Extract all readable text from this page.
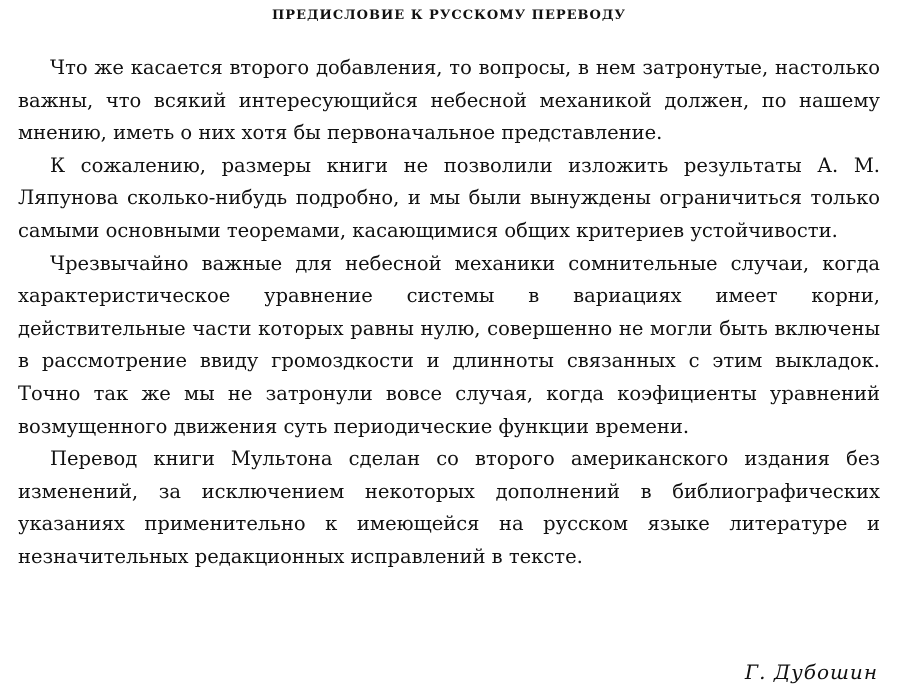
ПРЕДИСЛОВИЕ К РУССКОМУ ПЕРЕВОДУ

Что же касается второго добавления, то вопросы, в нем затронутые, настолько важны, что всякий интересующийся небесной механикой должен, по нашему мнению, иметь о них хотя бы первоначальное представление.

К сожалению, размеры книги не позволили изложить результаты А. М. Ляпунова сколько-нибудь подробно, и мы были вынуждены ограничиться только самыми основными теоремами, касающимися общих критериев устойчивости.

Чрезвычайно важные для небесной механики сомнительные случаи, когда характеристическое уравнение системы в вариациях имеет корни, действительные части которых равны нулю, совершенно не могли быть включены в рассмотрение ввиду громоздкости и длинноты связанных с этим выкладок. Точно так же мы не затронули вовсе случая, когда коэфициенты уравнений возмущенного движения суть периодические функции времени.

Перевод книги Мультона сделан со второго американского издания без изменений, за исключением некоторых дополнений в библиографических указаниях применительно к имеющейся на русском языке литературе и незначительных редакционных исправлений в тексте.

Г. Дубошин
